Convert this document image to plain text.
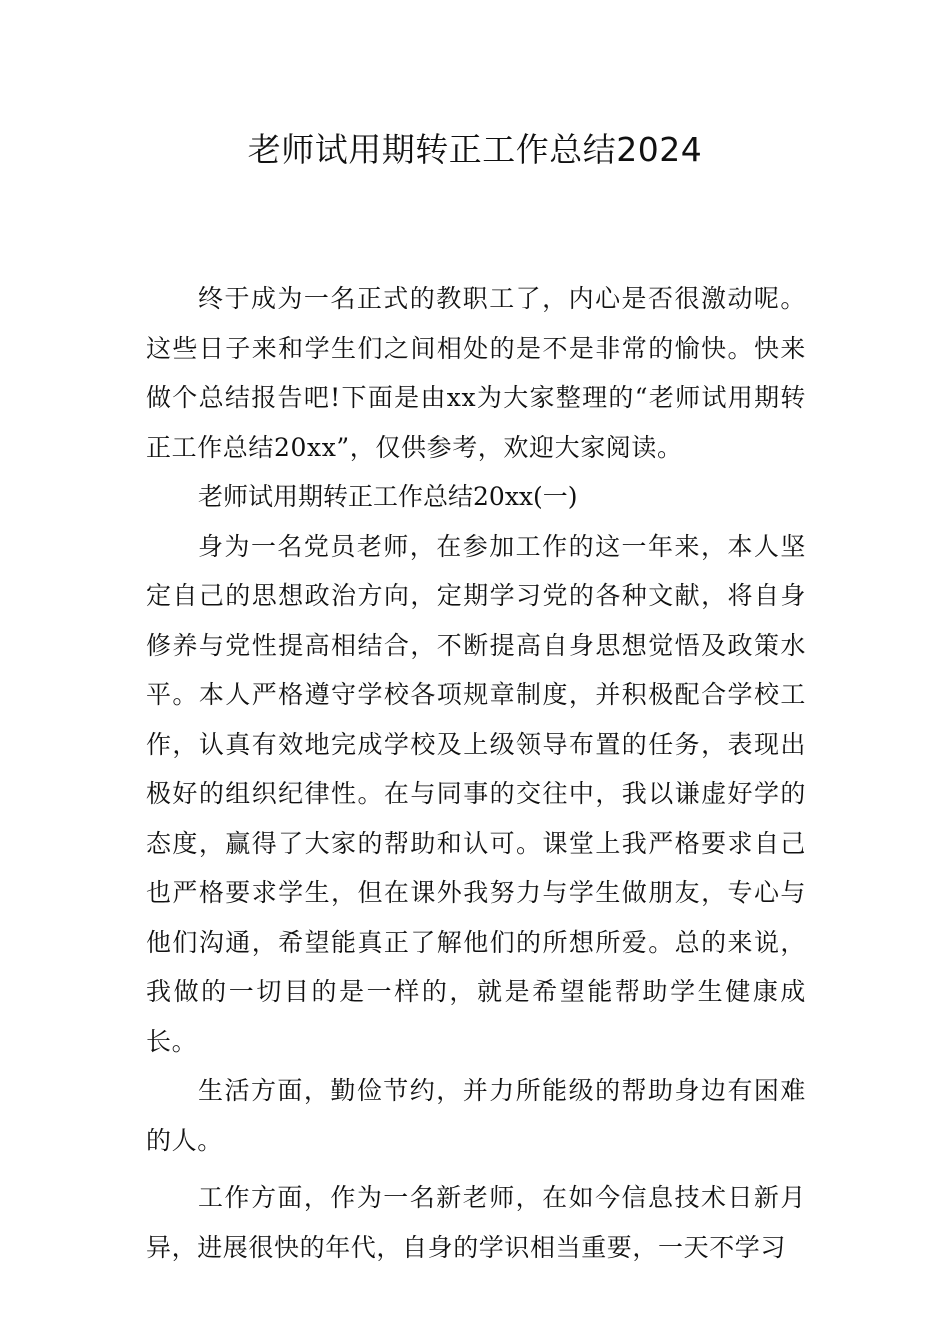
老师试用期转正工作总结2024

终于成为一名正式的教职工了，内心是否很激动呢。这些日子来和学生们之间相处的是不是非常的愉快。快来做个总结报告吧!下面是由xx为大家整理的“老师试用期转正工作总结20xx”，仅供参考，欢迎大家阅读。

老师试用期转正工作总结20xx(一)

身为一名党员老师，在参加工作的这一年来，本人坚定自己的思想政治方向，定期学习党的各种文献，将自身修养与党性提高相结合，不断提高自身思想觉悟及政策水平。本人严格遵守学校各项规章制度，并积极配合学校工作，认真有效地完成学校及上级领导布置的任务，表现出极好的组织纪律性。在与同事的交往中，我以谦虚好学的态度，赢得了大家的帮助和认可。课堂上我严格要求自己也严格要求学生，但在课外我努力与学生做朋友，专心与他们沟通，希望能真正了解他们的所想所爱。总的来说，我做的一切目的是一样的，就是希望能帮助学生健康成长。

生活方面，勤俭节约，并力所能级的帮助身边有困难的人。

工作方面，作为一名新老师，在如今信息技术日新月异，进展很快的年代，自身的学识相当重要，一天不学习
